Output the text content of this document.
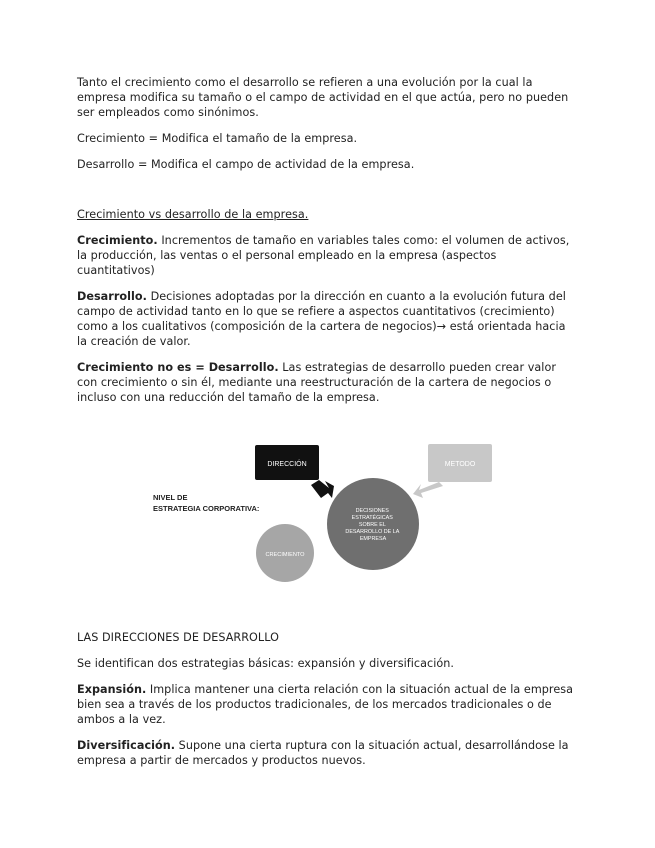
Tanto el crecimiento como el desarrollo se refieren a una evolución por la cual la empresa modifica su tamaño o el campo de actividad en el que actúa, pero no pueden ser empleados como sinónimos.

Crecimiento = Modifica el tamaño de la empresa.

Desarrollo = Modifica el campo de actividad de la empresa.

Crecimiento vs desarrollo de la empresa.

Crecimiento. Incrementos de tamaño en variables tales como: el volumen de activos, la producción, las ventas o el personal empleado en la empresa (aspectos cuantitativos)

Desarrollo. Decisiones adoptadas por la dirección en cuanto a la evolución futura del campo de actividad tanto en lo que se refiere a aspectos cuantitativos (crecimiento) como a los cualitativos (composición de la cartera de negocios)→ está orientada hacia la creación de valor.

Crecimiento no es = Desarrollo. Las estrategias de desarrollo pueden crear valor con crecimiento o sin él, mediante una reestructuración de la cartera de negocios o incluso con una reducción del tamaño de la empresa.

NIVEL DE
ESTRATEGIA CORPORATIVA:
DIRECCIÓN	METODO
DECISIONES ESTRATÉGICAS SOBRE EL DESARROLLO DE LA EMPRESA
CRECIMIENTO

LAS DIRECCIONES DE DESARROLLO

Se identifican dos estrategias básicas: expansión y diversificación.

Expansión. Implica mantener una cierta relación con la situación actual de la empresa bien sea a través de los productos tradicionales, de los mercados tradicionales o de ambos a la vez.

Diversificación. Supone una cierta ruptura con la situación actual, desarrollándose la empresa a partir de mercados y productos nuevos.
